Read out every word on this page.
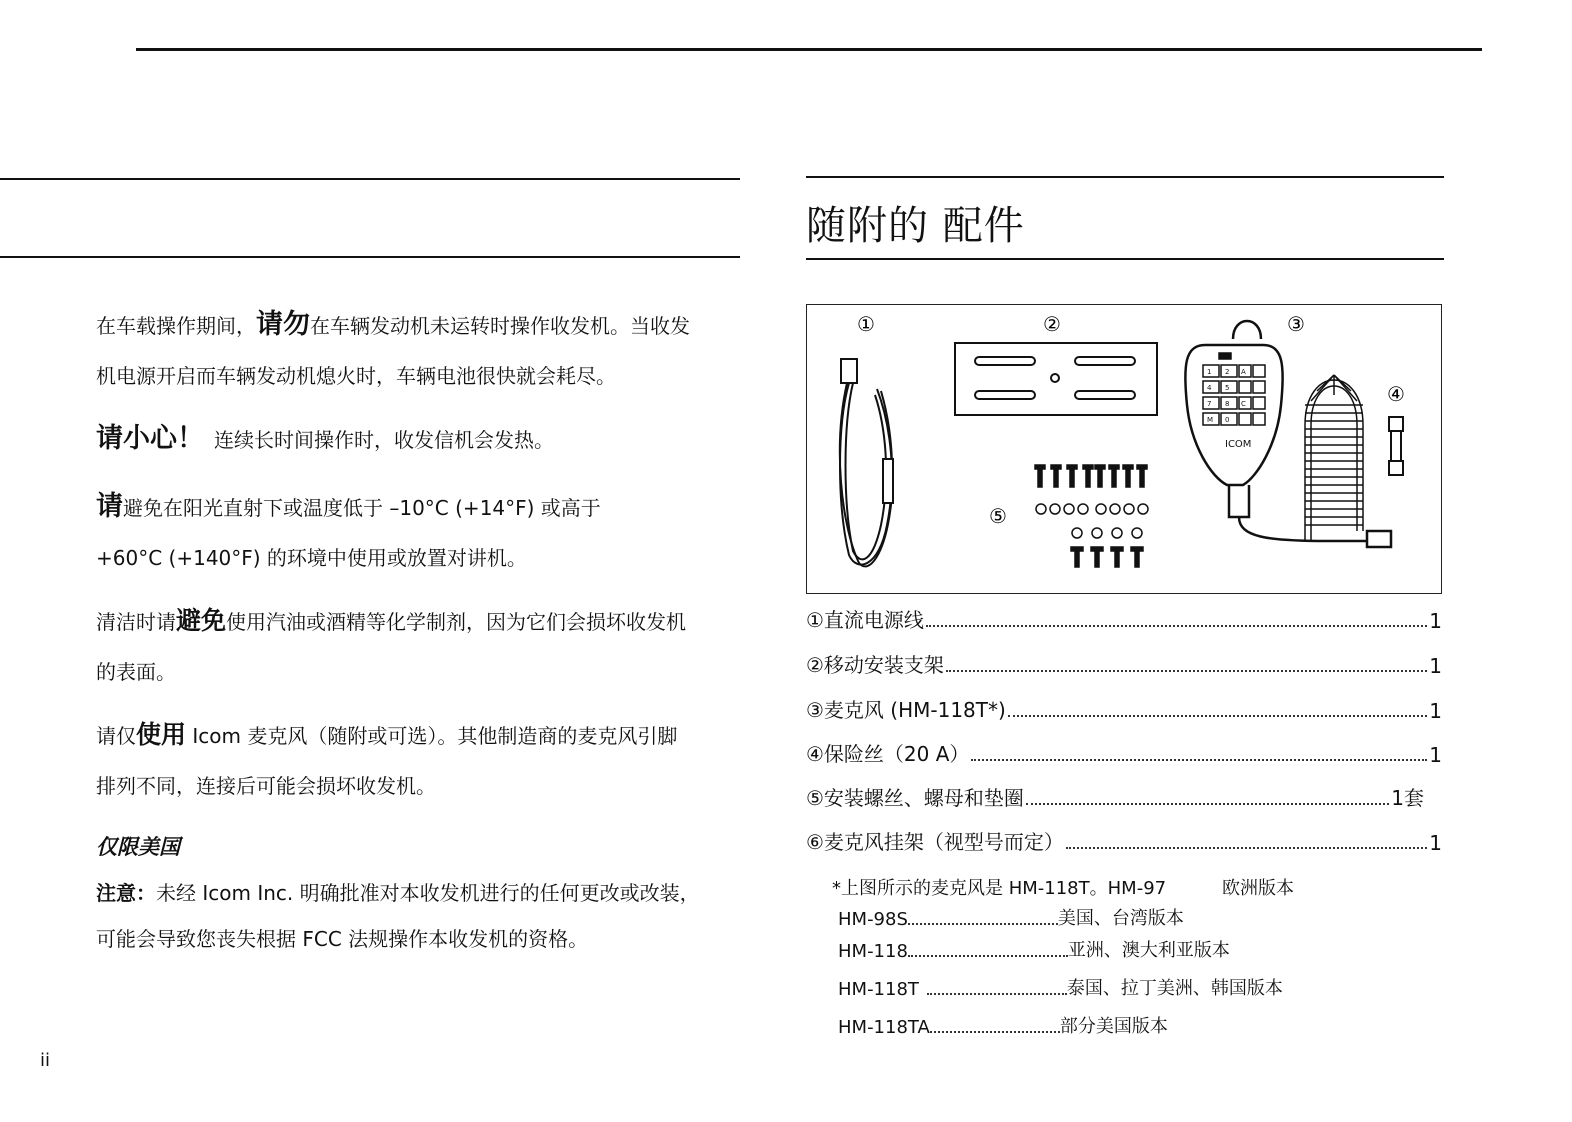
在车载操作期间，请勿在车辆发动机未运转时操作收发机。当收发
机电源开启而车辆发动机熄火时，车辆电池很快就会耗尽。

请小心！ 连续长时间操作时，收发信机会发热。

请避免在阳光直射下或温度低于 –10°C (+14°F) 或高于
+60°C (+140°F) 的环境中使用或放置对讲机。

清洁时请避免使用汽油或酒精等化学制剂，因为它们会损坏收发机
的表面。

请仅使用 Icom 麦克风（随附或可选）。其他制造商的麦克风引脚
排列不同，连接后可能会损坏收发机。

仅限美国

注意：未经 Icom Inc. 明确批准对本收发机进行的任何更改或改装，
可能会导致您丧失根据 FCC 法规操作本收发机的资格。

随附的 配件
①	②	③
④
⑤
1 2 A
4 5
7 8 C
M 0
ICOM
①直流电源线	1
②移动安装支架	1
③麦克风 (HM-118T*)	1
④保险丝（20 A）	1
⑤安装螺丝、螺母和垫圈	1套
⑥麦克风挂架（视型号而定）	1
*上图所示的麦克风是 HM-118T。HM-97	欧洲版本
HM-98S	美国、台湾版本
HM-118	亚洲、澳大利亚版本
HM-118T	泰国、拉丁美洲、韩国版本
HM-118TA	部分美国版本
ii
